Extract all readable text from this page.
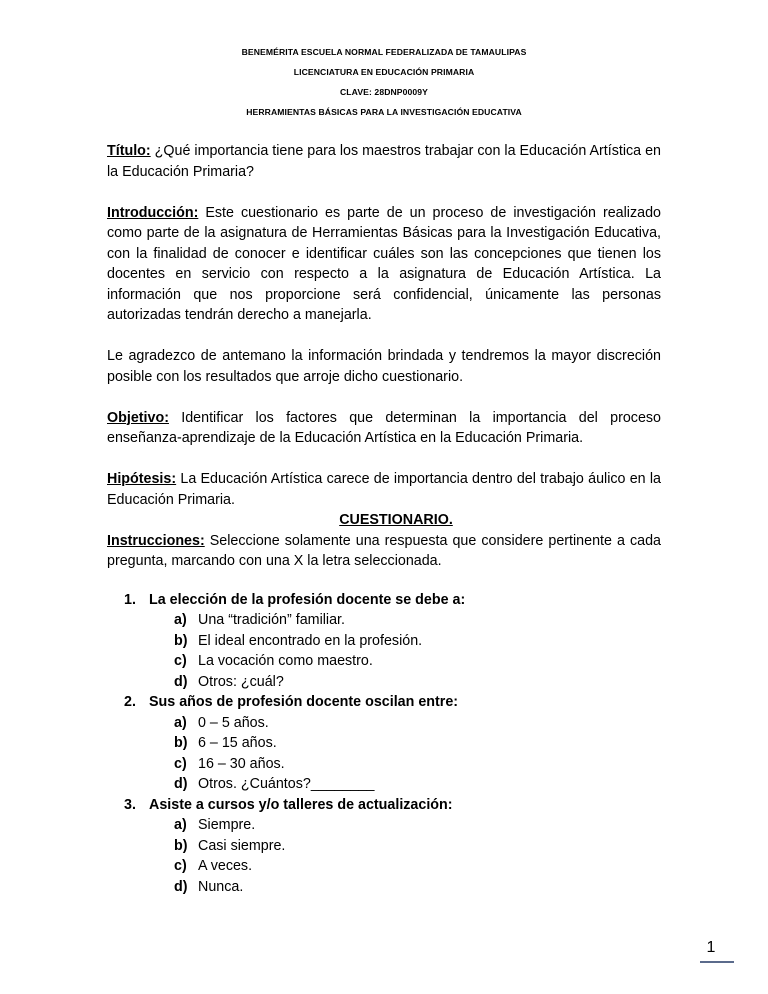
BENEMÉRITA ESCUELA NORMAL FEDERALIZADA DE TAMAULIPAS
LICENCIATURA EN EDUCACIÓN PRIMARIA
CLAVE: 28DNP0009Y
HERRAMIENTAS BÁSICAS PARA LA INVESTIGACIÓN EDUCATIVA

Título: ¿Qué importancia tiene para los maestros trabajar con la Educación Artística en la Educación Primaria?

Introducción: Este cuestionario es parte de un proceso de investigación realizado como parte de la asignatura de Herramientas Básicas para la Investigación Educativa, con la finalidad de conocer e identificar cuáles son las concepciones que tienen los docentes en servicio con respecto a la asignatura de Educación Artística. La información que nos proporcione será confidencial, únicamente las personas autorizadas tendrán derecho a manejarla.

Le agradezco de antemano la información brindada y tendremos la mayor discreción posible con los resultados que arroje dicho cuestionario.

Objetivo: Identificar los factores que determinan la importancia del proceso enseñanza-aprendizaje de la Educación Artística en la Educación Primaria.

Hipótesis: La Educación Artística carece de importancia dentro del trabajo áulico en la Educación Primaria.

CUESTIONARIO.

Instrucciones: Seleccione solamente una respuesta que considere pertinente a cada pregunta, marcando con una X la letra seleccionada.

1. La elección de la profesión docente se debe a:

a) Una “tradición” familiar.

b) El ideal encontrado en la profesión.

c) La vocación como maestro.

d) Otros: ¿cuál?

2. Sus años de profesión docente oscilan entre:

a) 0 – 5 años.

b) 6 – 15 años.

c) 16 – 30 años.

d) Otros. ¿Cuántos?________

3. Asiste a cursos y/o talleres de actualización:

a) Siempre.

b) Casi siempre.

c) A veces.

d) Nunca.

1
